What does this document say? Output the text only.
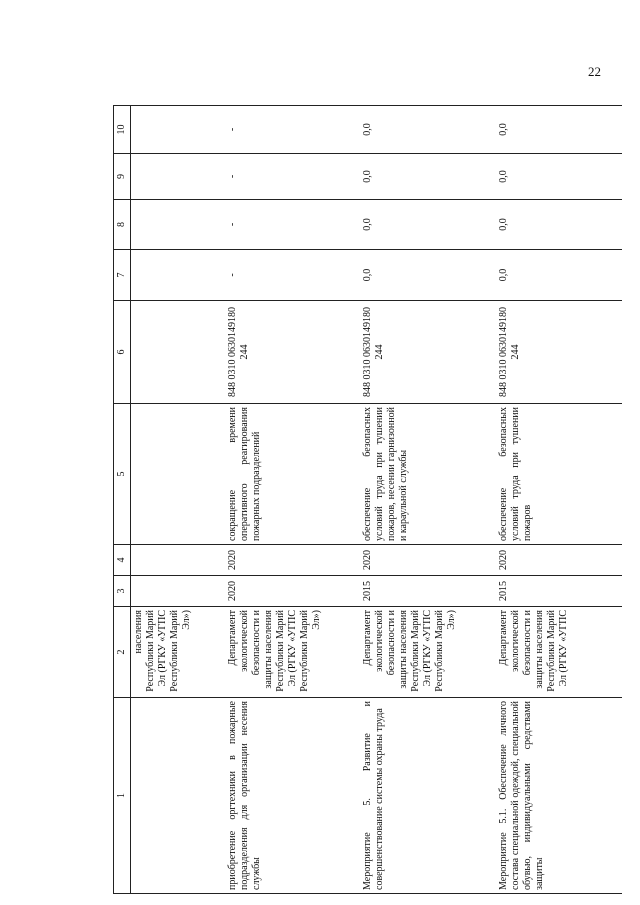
22
1	2	3	4	5	6	7	8	9	10
	населения Республики Марий Эл (РГКУ «УГПС Республики Марий Эл»)								
приобретение оргтехники в пожарные подразделения для организации несения службы	Департамент экологической безопасности и защиты населения Республики Марий Эл (РГКУ «УГПС Республики Марий Эл»)	2020	2020	сокращение времени оперативного реагирования пожарных подразделений	848 0310 0630149180 244	-	-	-	-
Мероприятие 5. Развитие и совершенствование системы охраны труда	Департамент экологической безопасности и защиты населения Республики Марий Эл (РГКУ «УГПС Республики Марий Эл»)	2015	2020	обеспечение безопасных условий труда при тушении пожаров, несении гарнизонной и караульной службы	848 0310 0630149180 244	0,0	0,0	0,0	0,0
Мероприятие 5.1. Обеспечение личного состава специальной одеждой, специальной обувью, индивидуальными средствами защиты	Департамент экологической безопасности и защиты населения Республики Марий Эл (РГКУ «УГПС	2015	2020	обеспечение безопасных условий труда при тушении пожаров	848 0310 0630149180 244	0,0	0,0	0,0	0,0
